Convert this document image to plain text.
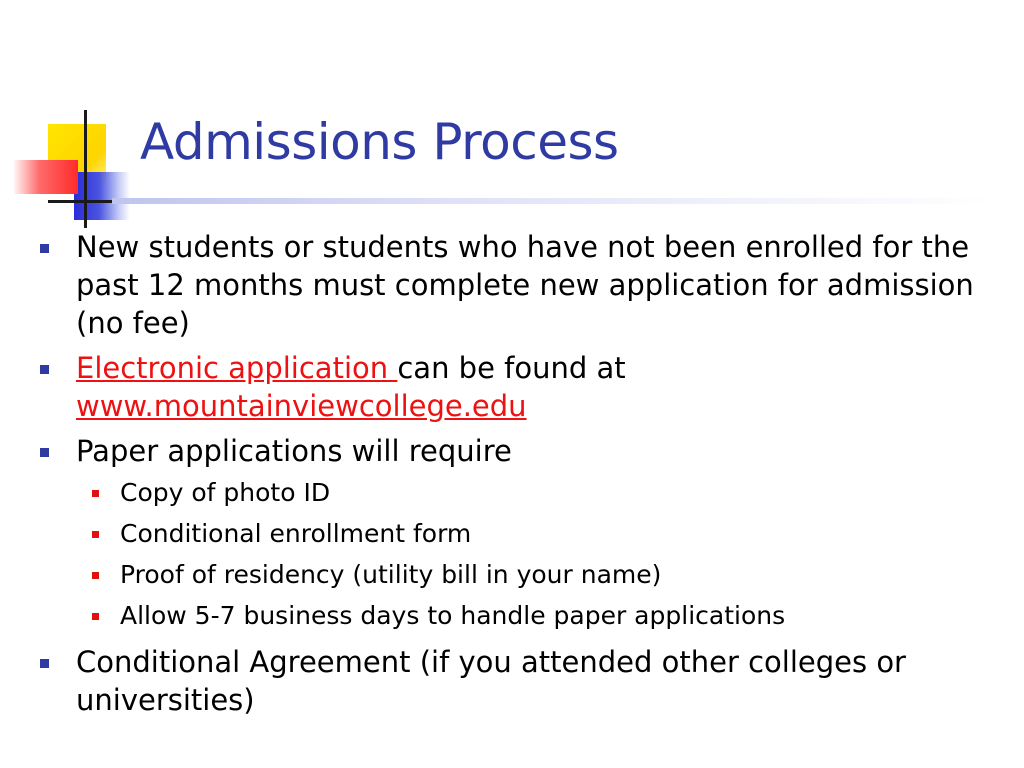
Admissions Process
New students or students who have not been enrolled for the past 12 months must complete new application for admission (no fee)
Electronic application can be found at
www.mountainviewcollege.edu
Paper applications will require
Copy of photo ID
Conditional enrollment form
Proof of residency (utility bill in your name)
Allow 5-7 business days to handle paper applications
Conditional Agreement (if you attended other colleges or universities)
